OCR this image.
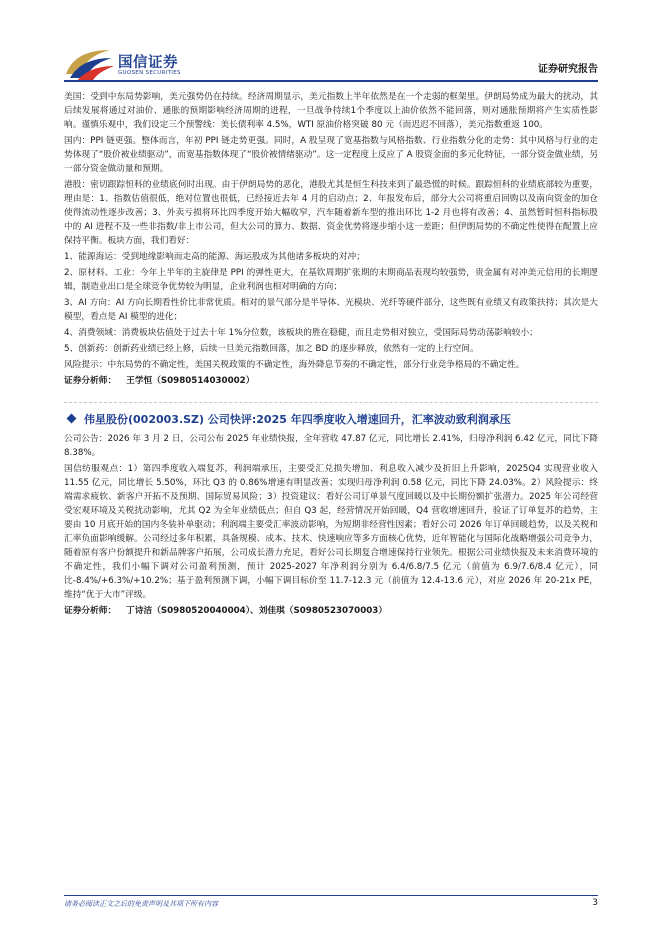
国信证券
GUOSEN SECURITIES	证券研究报告

美国：受到中东局势影响，美元强势仍在持续。经济周期显示，美元指数上半年依然是在一个走弱的框架里。伊朗局势成为最大的扰动，其后续发展将通过对油价、通胀的预期影响经济周期的进程，一旦战争持续1个季度以上油价依然不能回落，则对通胀预期将产生实质性影响。谨慎乐观中，我们设定三个预警线：美长债利率 4.5%，WTI 原油价格突破 80 元（而迟迟不回落），美元指数重返 100。

国内：PPI 链更强。整体而言，年初 PPI 链走势更强。同时，A 股呈现了宽基指数与风格指数、行业指数分化的走势：其中风格与行业的走势体现了“股价被业绩驱动”，而宽基指数体现了“股价被情绪驱动”。这一定程度上反应了 A 股资金面的多元化特征，一部分资金做业绩，另一部分资金做动量和预期。

港股：密切跟踪恒科的业绩底何时出现。由于伊朗局势的恶化，港股尤其是恒生科技来到了最恐慌的时候。跟踪恒科的业绩底部较为重要，理由是：1、指数估值很低，绝对位置也很低，已经接近去年 4 月的启动点；2、年报发布后，部分大公司将重启回购以及南向资金的加仓使得流动性逐步改善；3、外卖亏损将环比四季度开始大幅收窄，汽车随着新车型的推出环比 1-2 月也将有改善；4、虽然暂时恒科指标股中的 AI 进程不及一些非指数/非上市公司，但大公司的算力、数据、资金优势将逐步缩小这一差距；但伊朗局势的不确定性使得在配置上应保持平衡。板块方面，我们看好：

1、能源海运：受到地缘影响而走高的能源、海运股成为其他诸多板块的对冲；

2、原材料、工业：今年上半年的主旋律是 PPI 的弹性更大，在基钦周期扩张期的末期商品表现均较强势，贵金属有对冲美元信用的长期逻辑，制造业出口是全球竞争优势较为明显，企业利润也相对明确的方向；

3、AI 方向：AI 方向长期看性价比非常优质。相对的景气部分是半导体、光模块、光纤等硬件部分，这些既有业绩又有政策扶持；其次是大模型，看点是 AI 模型的进化；

4、消费领域：消费板块估值处于过去十年 1%分位数，该板块的胜在稳健，而且走势相对独立，受国际局势动荡影响较小；

5、创新药：创新药业绩已经上修，后续一旦美元指数回落，加之 BD 的逐步释放，依然有一定的上行空间。

风险提示：中东局势的不确定性，美国关税政策的不确定性，海外降息节奏的不确定性，部分行业竞争格局的不确定性。

证券分析师： 王学恒（S0980514030002）

伟星股份(002003.SZ) 公司快评:2025 年四季度收入增速回升，汇率波动致利润承压

公司公告：2026 年 3 月 2 日，公司公布 2025 年业绩快报，全年营收 47.87 亿元，同比增长 2.41%，归母净利润 6.42 亿元，同比下降 8.38%。

国信纺服观点：1）第四季度收入端复苏，利润端承压，主要受汇兑损失增加、利息收入减少及折旧上升影响，2025Q4 实现营业收入 11.55 亿元，同比增长 5.50%，环比 Q3 的 0.86%增速有明显改善；实现归母净利润 0.58 亿元，同比下降 24.03%。2）风险提示：终端需求疲软、新客户开拓不及预期、国际贸易风险；3）投资建议：看好公司订单景气度回暖以及中长期份额扩张潜力。2025 年公司经营受宏观环境及关税扰动影响，尤其 Q2 为全年业绩低点；但自 Q3 起，经营情况开始回暖，Q4 营收增速回升，验证了订单复苏的趋势，主要由 10 月底开始的国内冬装补单驱动；利润端主要受汇率波动影响，为短期非经营性因素；看好公司 2026 年订单回暖趋势，以及关税和汇率负面影响缓解。公司经过多年积累，具备规模、成本、技术、快速响应等多方面核心优势，近年智能化与国际化战略增强公司竞争力，随着原有客户份额提升和新品牌客户拓展，公司成长潜力充足，看好公司长期复合增速保持行业领先。根据公司业绩快报及未来消费环境的不确定性，我们小幅下调对公司盈利预测，预计 2025-2027 年净利润分别为 6.4/6.8/7.5 亿元（前值为 6.9/7.6/8.4 亿元），同比-8.4%/+6.3%/+10.2%；基于盈利预测下调，小幅下调目标价至 11.7-12.3 元（前值为 12.4-13.6 元），对应 2026 年 20-21x PE，维持“优于大市”评级。

证券分析师： 丁诗洁（S0980520040004）、刘佳琪（S0980523070003）

请务必阅读正文之后的免责声明及其项下所有内容	3
